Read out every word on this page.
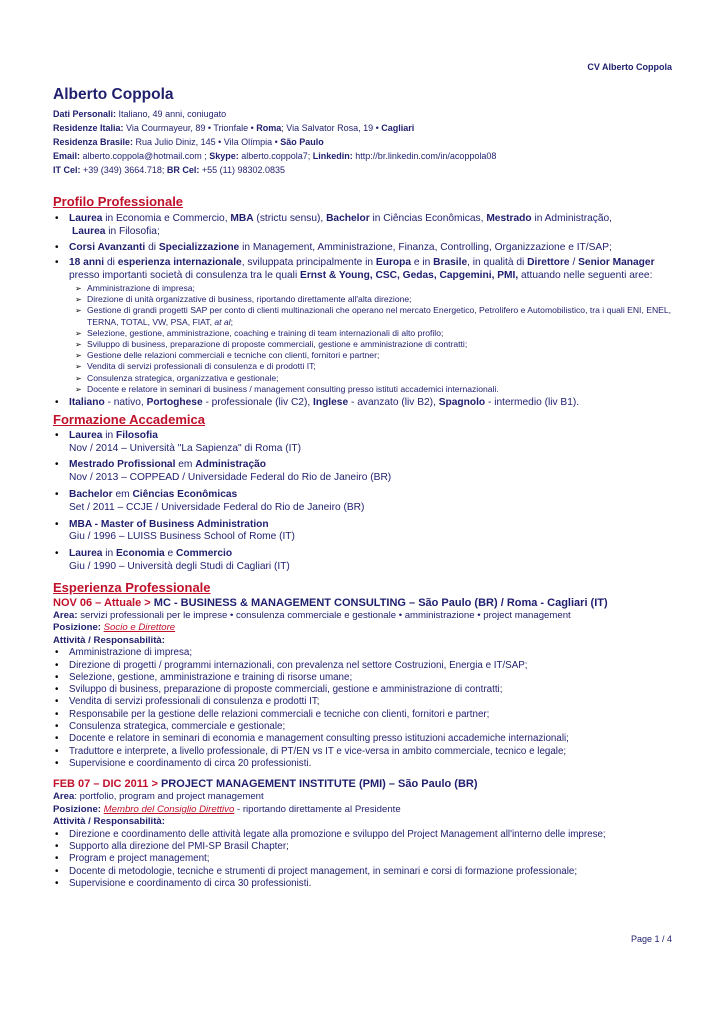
CV Alberto Coppola
Alberto Coppola
Dati Personali: Italiano, 49 anni, coniugato
Residenze Italia: Via Courmayeur, 89 • Trionfale • Roma; Via Salvator Rosa, 19 • Cagliari
Residenza Brasile: Rua Julio Diniz, 145 • Vila Olímpia • São Paulo
Email: alberto.coppola@hotmail.com ; Skype: alberto.coppola7; Linkedin: http://br.linkedin.com/in/acoppola08
IT Cel: +39 (349) 3664.718; BR Cel: +55 (11) 98302.0835
Profilo Professionale
• Laurea in Economia e Commercio, MBA (strictu sensu), Bachelor in Ciências Econômicas, Mestrado in Administração,
Laurea in Filosofia;
• Corsi Avanzanti di Specializzazione in Management, Amministrazione, Finanza, Controlling, Organizzazione e IT/SAP;
• 18 anni di esperienza internazionale, sviluppata principalmente in Europa e in Brasile, in qualità di Direttore / Senior Manager presso importanti società di consulenza tra le quali Ernst & Young, CSC, Gedas, Capgemini, PMI, attuando nelle seguenti aree:
➢ Amministrazione di impresa;
➢ Direzione di unità organizzative di business, riportando direttamente all'alta direzione;
➢ Gestione di grandi progetti SAP per conto di clienti multinazionali che operano nel mercato Energetico, Petrolifero e Automobilistico, tra i quali ENI, ENEL, TERNA, TOTAL, VW, PSA, FIAT, at al;
➢ Selezione, gestione, amministrazione, coaching e training di team internazionali di alto profilo;
➢ Sviluppo di business, preparazione di proposte commerciali, gestione e amministrazione di contratti;
➢ Gestione delle relazioni commerciali e tecniche con clienti, fornitori e partner;
➢ Vendita di servizi professionali di consulenza e di prodotti IT;
➢ Consulenza strategica, organizzativa e gestionale;
➢ Docente e relatore in seminari di business / management consulting presso istituti accademici internazionali.
• Italiano - nativo, Portoghese - professionale (liv C2), Inglese - avanzato (liv B2), Spagnolo - intermedio (liv B1).
Formazione Accademica
• Laurea in Filosofia
Nov / 2014 – Università "La Sapienza" di Roma (IT)
• Mestrado Profissional em Administração
Nov / 2013 – COPPEAD / Universidade Federal do Rio de Janeiro (BR)
• Bachelor em Ciências Econômicas
Set / 2011 – CCJE / Universidade Federal do Rio de Janeiro (BR)
• MBA - Master of Business Administration
Giu / 1996 – LUISS Business School of Rome (IT)
• Laurea in Economia e Commercio
Giu / 1990 – Università degli Studi di Cagliari (IT)
Esperienza Professionale
NOV 06 – Attuale > MC - BUSINESS & MANAGEMENT CONSULTING – São Paulo (BR) / Roma - Cagliari (IT)
Area: servizi professionali per le imprese • consulenza commerciale e gestionale • amministrazione • project management
Posizione: Socio e Direttore
Attività / Responsabilità:
• Amministrazione di impresa;
• Direzione di progetti / programmi internazionali, con prevalenza nel settore Costruzioni, Energia e IT/SAP;
• Selezione, gestione, amministrazione e training di risorse umane;
• Sviluppo di business, preparazione di proposte commerciali, gestione e amministrazione di contratti;
• Vendita di servizi professionali di consulenza e prodotti IT;
• Responsabile per la gestione delle relazioni commerciali e tecniche con clienti, fornitori e partner;
• Consulenza strategica, commerciale e gestionale;
• Docente e relatore in seminari di economia e management consulting presso istituzioni accademiche internazionali;
• Traduttore e interprete, a livello professionale, di PT/EN vs IT e vice-versa in ambito commerciale, tecnico e legale;
• Supervisione e coordinamento di circa 20 professionisti.
FEB 07 – DIC 2011 > PROJECT MANAGEMENT INSTITUTE (PMI) – São Paulo (BR)
Area: portfolio, program and project management
Posizione: Membro del Consiglio Direttivo - riportando direttamente al Presidente
Attività / Responsabilità:
• Direzione e coordinamento delle attività legate alla promozione e sviluppo del Project Management all'interno delle imprese;
• Supporto alla direzione del PMI-SP Brasil Chapter;
• Program e project management;
• Docente di metodologie, tecniche e strumenti di project management, in seminari e corsi di formazione professionale;
• Supervisione e coordinamento di circa 30 professionisti.
Page 1 / 4
